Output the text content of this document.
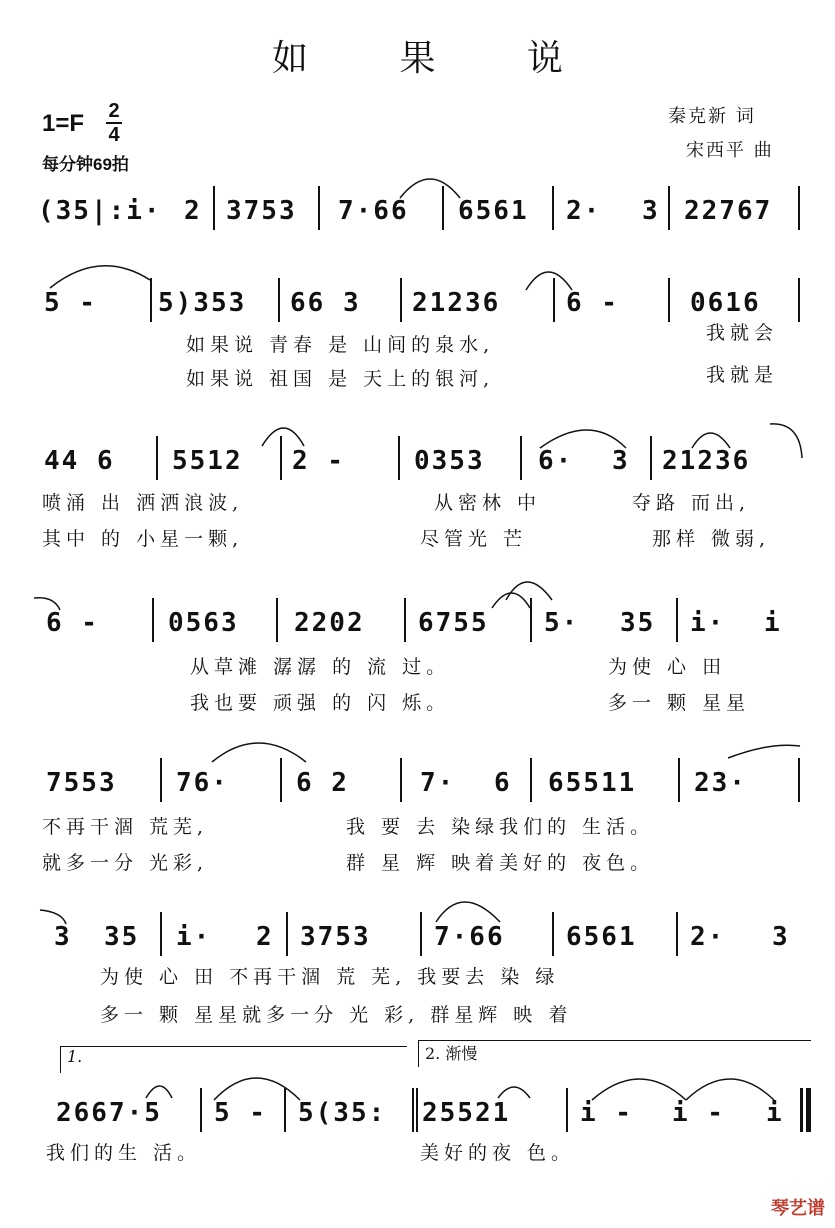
如 果 说
1=F 2
4
每分钟69拍
秦克新 词
宋西平 曲
(35|:i· 2 3753 7·66 6561 2· 3 22767
5 - 5)353 66 3 21236	6 -	0616
如果说 青春 是 山间的泉水,
如果说 祖国 是 天上的银河,
我就会
我就是
44 6 5512 2 -	0353 6· 3 21236
喷涌 出 洒洒浪波,
其中 的 小星一颗,
从密林 中
尽管光 芒
夺路 而出,
那样 微弱,
6 -	0563 2202 6755 5· 35 i· i
从草滩 潺潺 的 流 过。
我也要 顽强 的 闪 烁。
为使 心 田
多一 颗 星星
7553 76·	6 2	7· 6 65511 23·
不再干涸 荒芜,
就多一分 光彩,
我 要 去 染绿我们的 生活。
群 星 辉 映着美好的 夜色。
3 35 i· 2 3753 7·66 6561 2· 3
为使 心 田 不再干涸 荒 芜, 我要去 染 绿
多一 颗 星星就多一分 光 彩, 群星辉 映 着
1.	2. 渐慢
2667·5 5 - 5(35: 25521	i - i - i
我们的生 活。	美好的夜 色。
琴艺谱
